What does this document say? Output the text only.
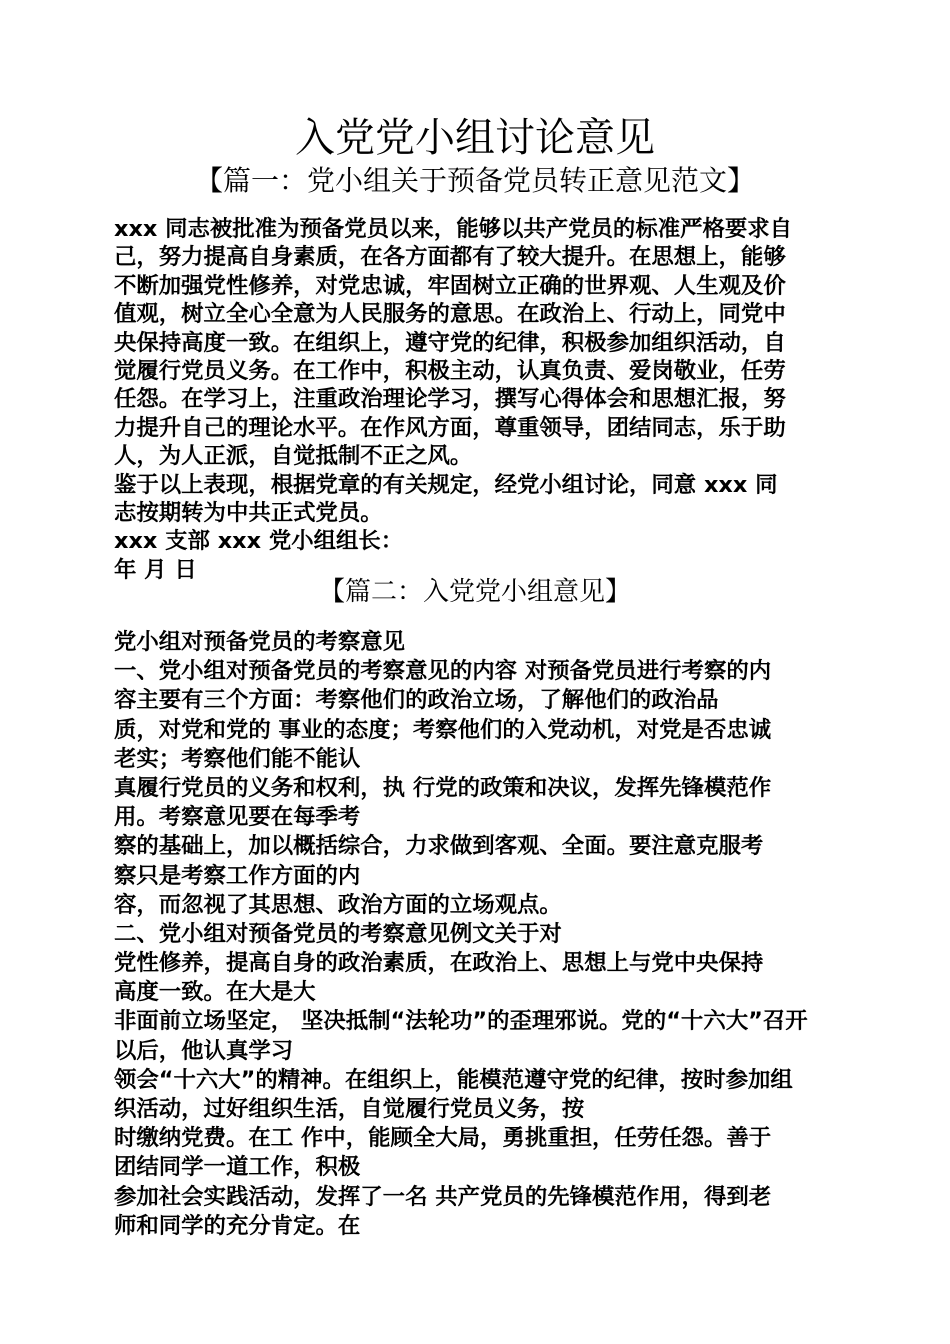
入党党小组讨论意见
【篇一：党小组关于预备党员转正意见范文】
xxx 同志被批准为预备党员以来，能够以共产党员的标准严格要求自
己，努力提高自身素质，在各方面都有了较大提升。在思想上，能够
不断加强党性修养，对党忠诚，牢固树立正确的世界观、人生观及价
值观，树立全心全意为人民服务的意思。在政治上、行动上，同党中
央保持高度一致。在组织上，遵守党的纪律，积极参加组织活动，自
觉履行党员义务。在工作中，积极主动，认真负责、爱岗敬业，任劳
任怨。在学习上，注重政治理论学习，撰写心得体会和思想汇报，努
力提升自己的理论水平。在作风方面，尊重领导，团结同志，乐于助
人，为人正派，自觉抵制不正之风。
鉴于以上表现，根据党章的有关规定，经党小组讨论，同意 xxx 同
志按期转为中共正式党员。
xxx 支部 xxx 党小组组长：
年 月 日
【篇二：入党党小组意见】
党小组对预备党员的考察意见
一、党小组对预备党员的考察意见的内容 对预备党员进行考察的内
容主要有三个方面：考察他们的政治立场，了解他们的政治品
质，对党和党的 事业的态度；考察他们的入党动机，对党是否忠诚
老实；考察他们能不能认
真履行党员的义务和权利，执 行党的政策和决议，发挥先锋模范作
用。考察意见要在每季考
察的基础上，加以概括综合，力求做到客观、全面。要注意克服考
察只是考察工作方面的内
容，而忽视了其思想、政治方面的立场观点。
二、党小组对预备党员的考察意见例文关于对
党性修养，提高自身的政治素质，在政治上、思想上与党中央保持
高度一致。在大是大
非面前立场坚定， 坚决抵制“法轮功”的歪理邪说。党的“十六大”召开
以后，他认真学习
领会“十六大”的精神。在组织上，能模范遵守党的纪律，按时参加组
织活动，过好组织生活，自觉履行党员义务，按
时缴纳党费。在工 作中，能顾全大局，勇挑重担，任劳任怨。善于
团结同学一道工作，积极
参加社会实践活动，发挥了一名 共产党员的先锋模范作用，得到老
师和同学的充分肯定。在
